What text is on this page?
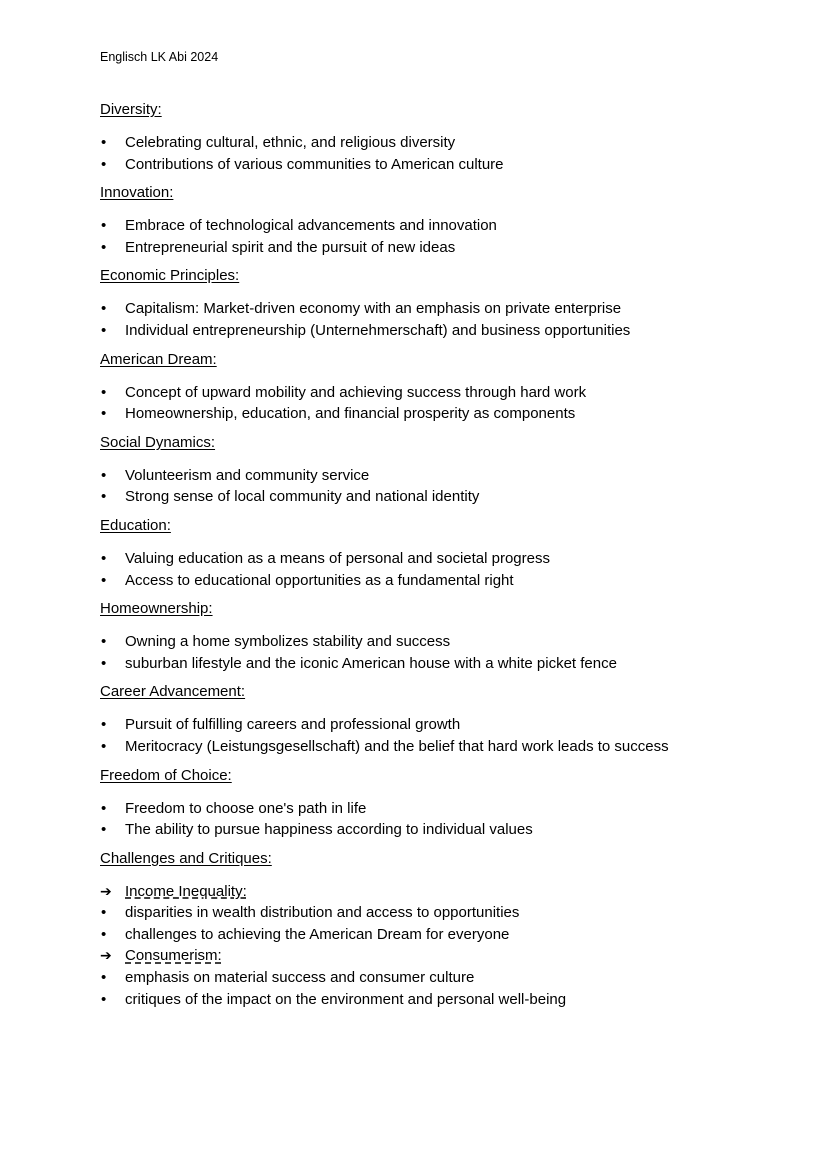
Englisch LK Abi 2024
Diversity:
• Celebrating cultural, ethnic, and religious diversity
• Contributions of various communities to American culture
Innovation:
• Embrace of technological advancements and innovation
• Entrepreneurial spirit and the pursuit of new ideas
Economic Principles:
• Capitalism: Market-driven economy with an emphasis on private enterprise
• Individual entrepreneurship (Unternehmerschaft) and business opportunities
American Dream:
• Concept of upward mobility and achieving success through hard work
• Homeownership, education, and financial prosperity as components
Social Dynamics:
• Volunteerism and community service
• Strong sense of local community and national identity
Education:
• Valuing education as a means of personal and societal progress
• Access to educational opportunities as a fundamental right
Homeownership:
• Owning a home symbolizes stability and success
• suburban lifestyle and the iconic American house with a white picket fence
Career Advancement:
• Pursuit of fulfilling careers and professional growth
• Meritocracy (Leistungsgesellschaft) and the belief that hard work leads to success
Freedom of Choice:
• Freedom to choose one's path in life
• The ability to pursue happiness according to individual values
Challenges and Critiques:
➔ Income Inequality:
• disparities in wealth distribution and access to opportunities
• challenges to achieving the American Dream for everyone
➔ Consumerism:
• emphasis on material success and consumer culture
• critiques of the impact on the environment and personal well-being
